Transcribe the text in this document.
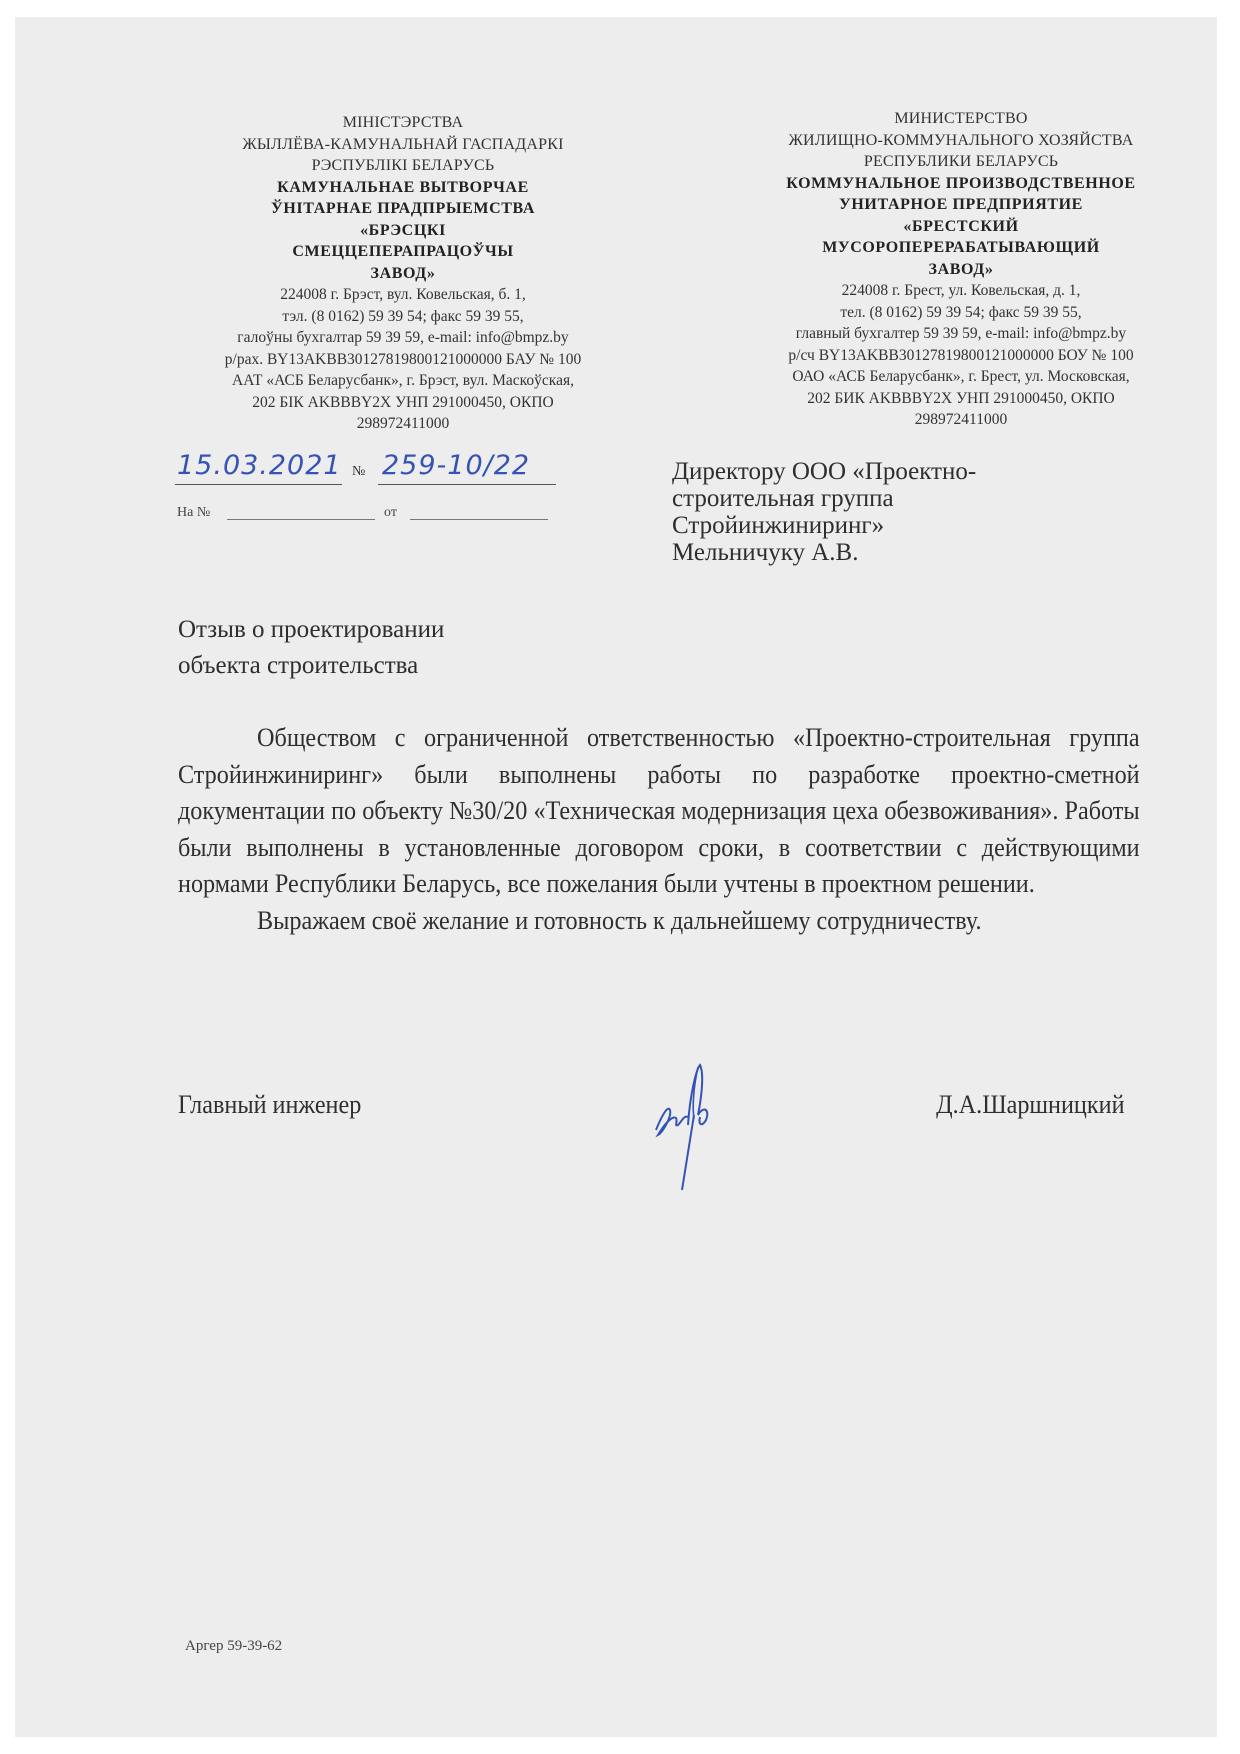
МІНІСТЭРСТВА
ЖЫЛЛЁВА-КАМУНАЛЬНАЙ ГАСПАДАРКІ
РЭСПУБЛІКІ БЕЛАРУСЬ
КАМУНАЛЬНАЕ ВЫТВОРЧАЕ
ЎНІТАРНАЕ ПРАДПРЫЕМСТВА
«БРЭСЦКІ
СМЕЦЦЕПЕРАПРАЦОЎЧЫ
ЗАВОД»
224008 г. Брэст, вул. Ковельская, б. 1,
тэл. (8 0162) 59 39 54; факс 59 39 55,
галоўны бухгалтар 59 39 59, e-mail: info@bmpz.by
р/рах. BY13AKBB30127819800121000000 БАУ № 100
ААТ «АСБ Беларусбанк», г. Брэст, вул. Маскоўская,
202 БІК AKBBBY2X УНП 291000450, ОКПО
298972411000
МИНИСТЕРСТВО
ЖИЛИЩНО-КОММУНАЛЬНОГО ХОЗЯЙСТВА
РЕСПУБЛИКИ БЕЛАРУСЬ
КОММУНАЛЬНОЕ ПРОИЗВОДСТВЕННОЕ
УНИТАРНОЕ ПРЕДПРИЯТИЕ
«БРЕСТСКИЙ
МУСОРОПЕРЕРАБАТЫВАЮЩИЙ
ЗАВОД»
224008 г. Брест, ул. Ковельская, д. 1,
тел. (8 0162) 59 39 54; факс 59 39 55,
главный бухгалтер 59 39 59, e-mail: info@bmpz.by
р/сч BY13AKBB30127819800121000000 БОУ № 100
ОАО «АСБ Беларусбанк», г. Брест, ул. Московская,
202 БИК AKBBBY2X УНП 291000450, ОКПО
298972411000
15.03.2021 № 259-10/22
На №	от
Директору ООО «Проектно-
строительная группа
Стройинжиниринг»
Мельничуку А.В.
Отзыв о проектировании
объекта строительства

Обществом с ограниченной ответственностью «Проектно-строительная группа Стройинжиниринг» были выполнены работы по разработке проектно-сметной документации по объекту №30/20 «Техническая модернизация цеха обезвоживания». Работы были выполнены в установленные договором сроки, в соответствии с действующими нормами Республики Беларусь, все пожелания были учтены в проектном решении.

Выражаем своё желание и готовность к дальнейшему сотрудничеству.

Главный инженер	Д.А.Шаршницкий
Аргер 59-39-62
